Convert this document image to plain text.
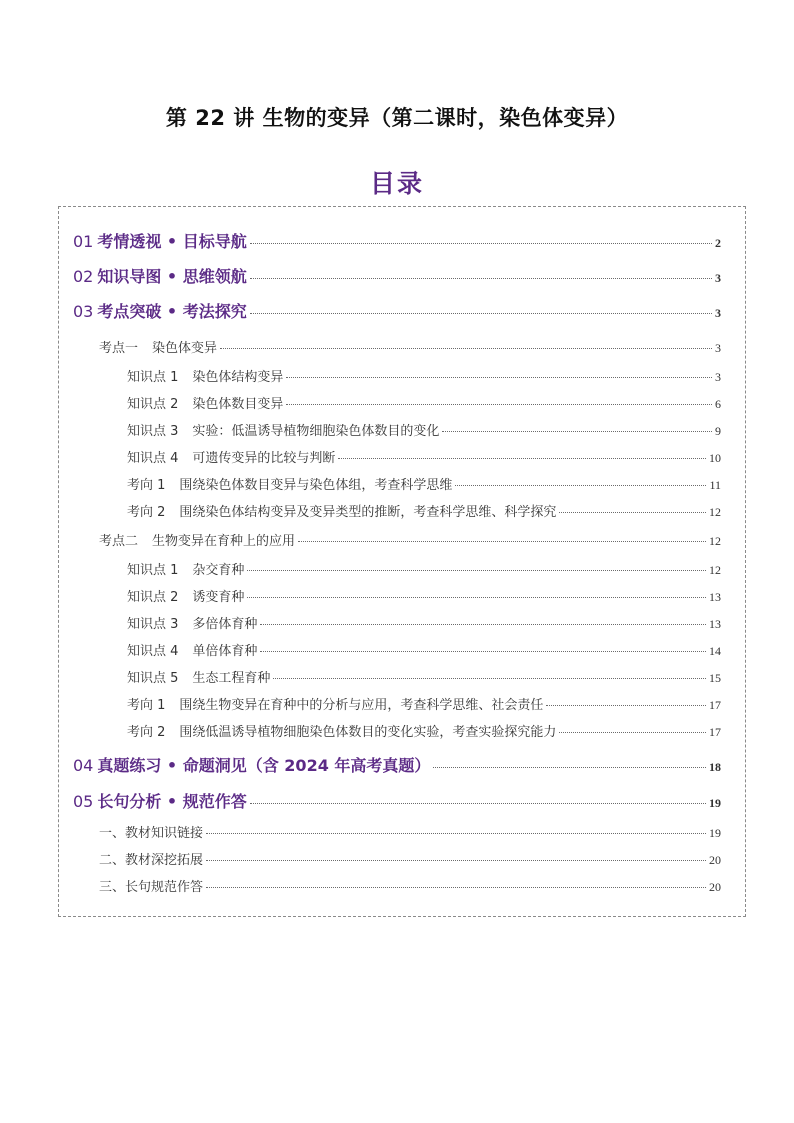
第 22 讲 生物的变异（第二课时，染色体变异）
目录
01 考情透视 • 目标导航	2
02 知识导图 • 思维领航	3
03 考点突破 • 考法探究	3
考点一 染色体变异	3
知识点 1 染色体结构变异	3
知识点 2 染色体数目变异	6
知识点 3 实验：低温诱导植物细胞染色体数目的变化	9
知识点 4 可遗传变异的比较与判断	10
考向 1 围绕染色体数目变异与染色体组，考查科学思维	11
考向 2 围绕染色体结构变异及变异类型的推断，考查科学思维、科学探究	12
考点二 生物变异在育种上的应用	12
知识点 1 杂交育种	12
知识点 2 诱变育种	13
知识点 3 多倍体育种	13
知识点 4 单倍体育种	14
知识点 5 生态工程育种	15
考向 1 围绕生物变异在育种中的分析与应用，考查科学思维、社会责任	17
考向 2 围绕低温诱导植物细胞染色体数目的变化实验，考查实验探究能力	17
04 真题练习 • 命题洞见（含 2024 年高考真题）	18
05 长句分析 • 规范作答	19
一、教材知识链接	19
二、教材深挖拓展	20
三、长句规范作答	20
